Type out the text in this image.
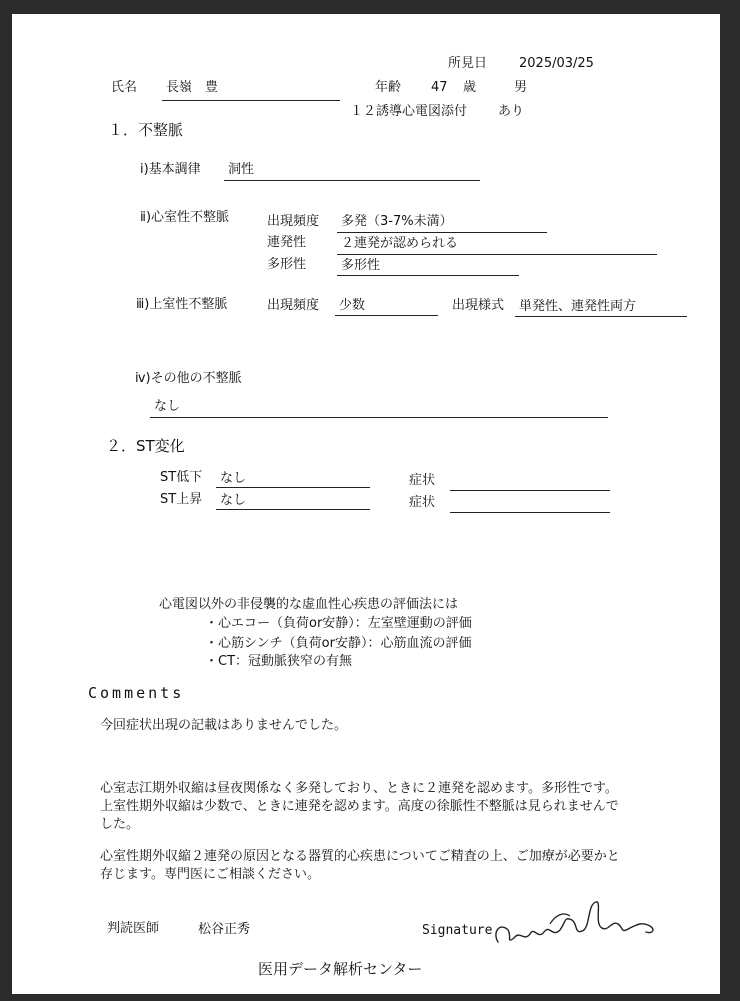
所見日 2025/03/25
氏名 長嶺　豊	年齢 47 歳	男
１２誘導心電図添付 あり
１．不整脈
ⅰ)基本調律 洞性
ⅱ)心室性不整脈	出現頻度 多発（3-7%未満）
連発性	２連発が認められる
多形性	多形性
ⅲ)上室性不整脈	出現頻度 少数	出現様式 単発性、連発性両方
ⅳ)その他の不整脈
なし
２．ST変化
ST低下 なし	症状
ST上昇 なし	症状
心電図以外の非侵襲的な虚血性心疾患の評価法には
・心エコー（負荷or安静）：左室壁運動の評価
・心筋シンチ（負荷or安静）：心筋血流の評価
・CT：冠動脈狭窄の有無
Comments
今回症状出現の記載はありませんでした。
心室志江期外収縮は昼夜関係なく多発しており、ときに２連発を認めます。多形性です。上室性期外収縮は少数で、ときに連発を認めます。高度の徐脈性不整脈は見られませんでした。
心室性期外収縮２連発の原因となる器質的心疾患についてご精査の上、ご加療が必要かと存じます。専門医にご相談ください。
判読医師	松谷正秀	Signature
医用データ解析センター
